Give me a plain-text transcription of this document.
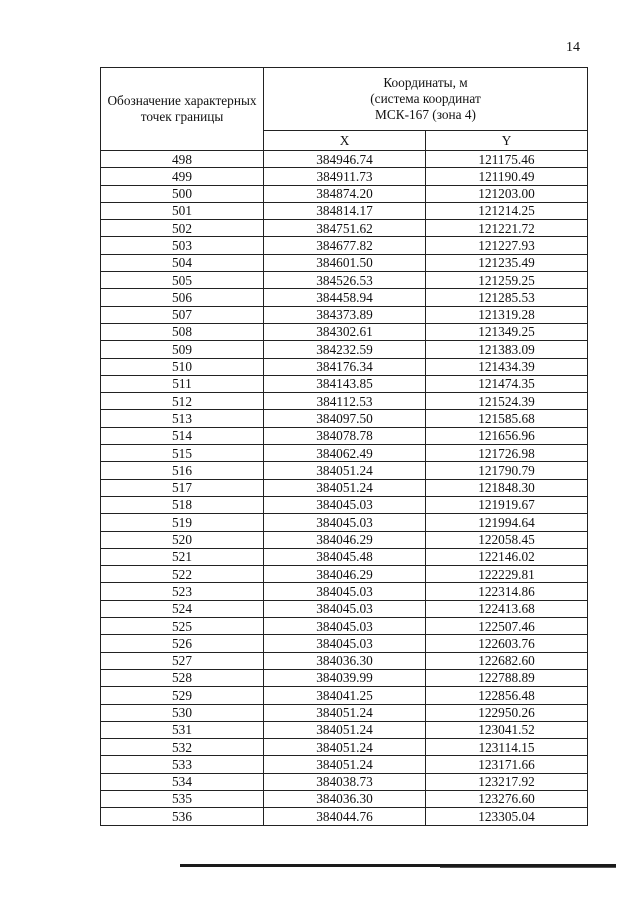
14
Обозначение характерных точек границы	Координаты, м
(система координат
МСК-167 (зона 4)	

	X	Y
498	384946.74	121175.46
499	384911.73	121190.49
500	384874.20	121203.00
501	384814.17	121214.25
502	384751.62	121221.72
503	384677.82	121227.93
504	384601.50	121235.49
505	384526.53	121259.25
506	384458.94	121285.53
507	384373.89	121319.28
508	384302.61	121349.25
509	384232.59	121383.09
510	384176.34	121434.39
511	384143.85	121474.35
512	384112.53	121524.39
513	384097.50	121585.68
514	384078.78	121656.96
515	384062.49	121726.98
516	384051.24	121790.79
517	384051.24	121848.30
518	384045.03	121919.67
519	384045.03	121994.64
520	384046.29	122058.45
521	384045.48	122146.02
522	384046.29	122229.81
523	384045.03	122314.86
524	384045.03	122413.68
525	384045.03	122507.46
526	384045.03	122603.76
527	384036.30	122682.60
528	384039.99	122788.89
529	384041.25	122856.48
530	384051.24	122950.26
531	384051.24	123041.52
532	384051.24	123114.15
533	384051.24	123171.66
534	384038.73	123217.92
535	384036.30	123276.60
536	384044.76	123305.04
